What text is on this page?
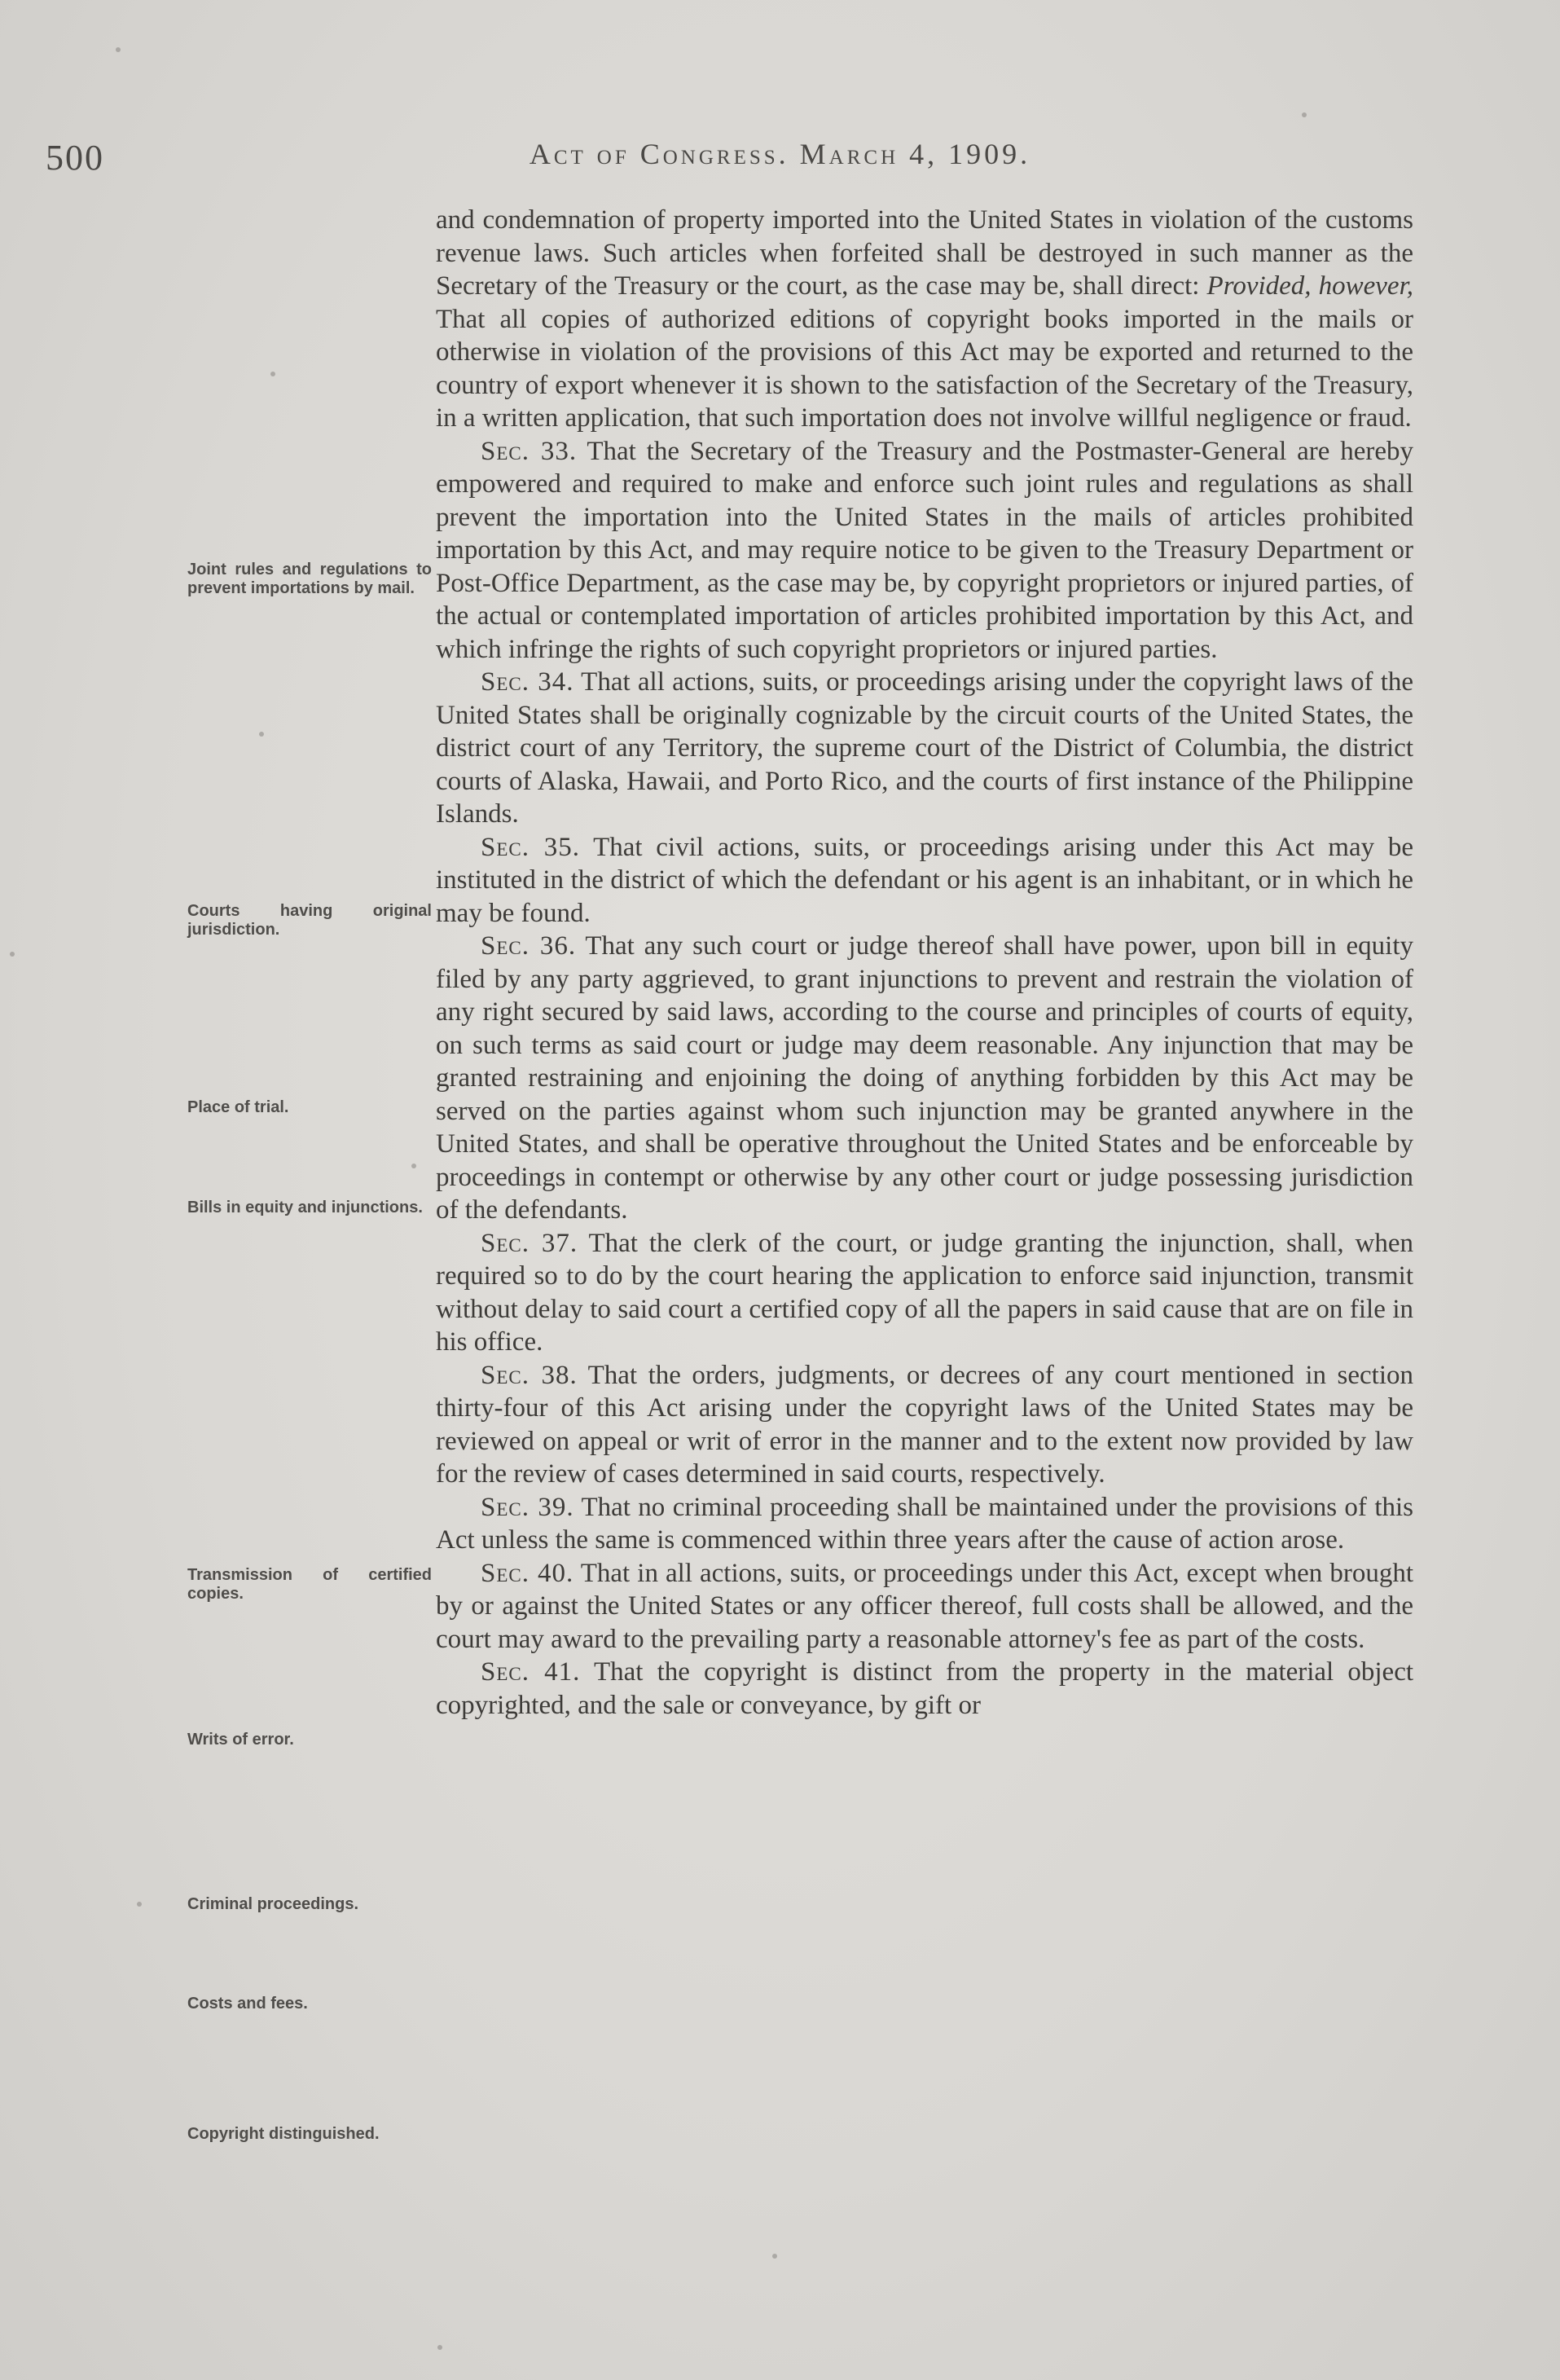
500	Act of Congress. March 4, 1909.
Joint rules and regulations to prevent importations by mail.
Courts having original jurisdiction.
Place of trial.
Bills in equity and injunctions.
Transmission of certified copies.
Writs of error.
Criminal proceedings.
Costs and fees.
Copyright distinguished.

and condemnation of property imported into the United States in violation of the customs revenue laws. Such articles when forfeited shall be destroyed in such manner as the Secretary of the Treasury or the court, as the case may be, shall direct: Provided, however, That all copies of authorized editions of copyright books imported in the mails or otherwise in violation of the provisions of this Act may be exported and returned to the country of export whenever it is shown to the satisfaction of the Secretary of the Treasury, in a written application, that such importation does not involve willful negligence or fraud.

Sec. 33. That the Secretary of the Treasury and the Postmaster-General are hereby empowered and required to make and enforce such joint rules and regulations as shall prevent the importation into the United States in the mails of articles prohibited importation by this Act, and may require notice to be given to the Treasury Department or Post-Office Department, as the case may be, by copyright proprietors or injured parties, of the actual or contemplated importation of articles prohibited importation by this Act, and which infringe the rights of such copyright proprietors or injured parties.

Sec. 34. That all actions, suits, or proceedings arising under the copyright laws of the United States shall be originally cognizable by the circuit courts of the United States, the district court of any Territory, the supreme court of the District of Columbia, the district courts of Alaska, Hawaii, and Porto Rico, and the courts of first instance of the Philippine Islands.

Sec. 35. That civil actions, suits, or proceedings arising under this Act may be instituted in the district of which the defendant or his agent is an inhabitant, or in which he may be found.

Sec. 36. That any such court or judge thereof shall have power, upon bill in equity filed by any party aggrieved, to grant injunctions to prevent and restrain the violation of any right secured by said laws, according to the course and principles of courts of equity, on such terms as said court or judge may deem reasonable. Any injunction that may be granted restraining and enjoining the doing of anything forbidden by this Act may be served on the parties against whom such injunction may be granted anywhere in the United States, and shall be operative throughout the United States and be enforceable by proceedings in contempt or otherwise by any other court or judge possessing jurisdiction of the defendants.

Sec. 37. That the clerk of the court, or judge granting the injunction, shall, when required so to do by the court hearing the application to enforce said injunction, transmit without delay to said court a certified copy of all the papers in said cause that are on file in his office.

Sec. 38. That the orders, judgments, or decrees of any court mentioned in section thirty-four of this Act arising under the copyright laws of the United States may be reviewed on appeal or writ of error in the manner and to the extent now provided by law for the review of cases determined in said courts, respectively.

Sec. 39. That no criminal proceeding shall be maintained under the provisions of this Act unless the same is commenced within three years after the cause of action arose.

Sec. 40. That in all actions, suits, or proceedings under this Act, except when brought by or against the United States or any officer thereof, full costs shall be allowed, and the court may award to the prevailing party a reasonable attorney's fee as part of the costs.

Sec. 41. That the copyright is distinct from the property in the material object copyrighted, and the sale or conveyance, by gift or
